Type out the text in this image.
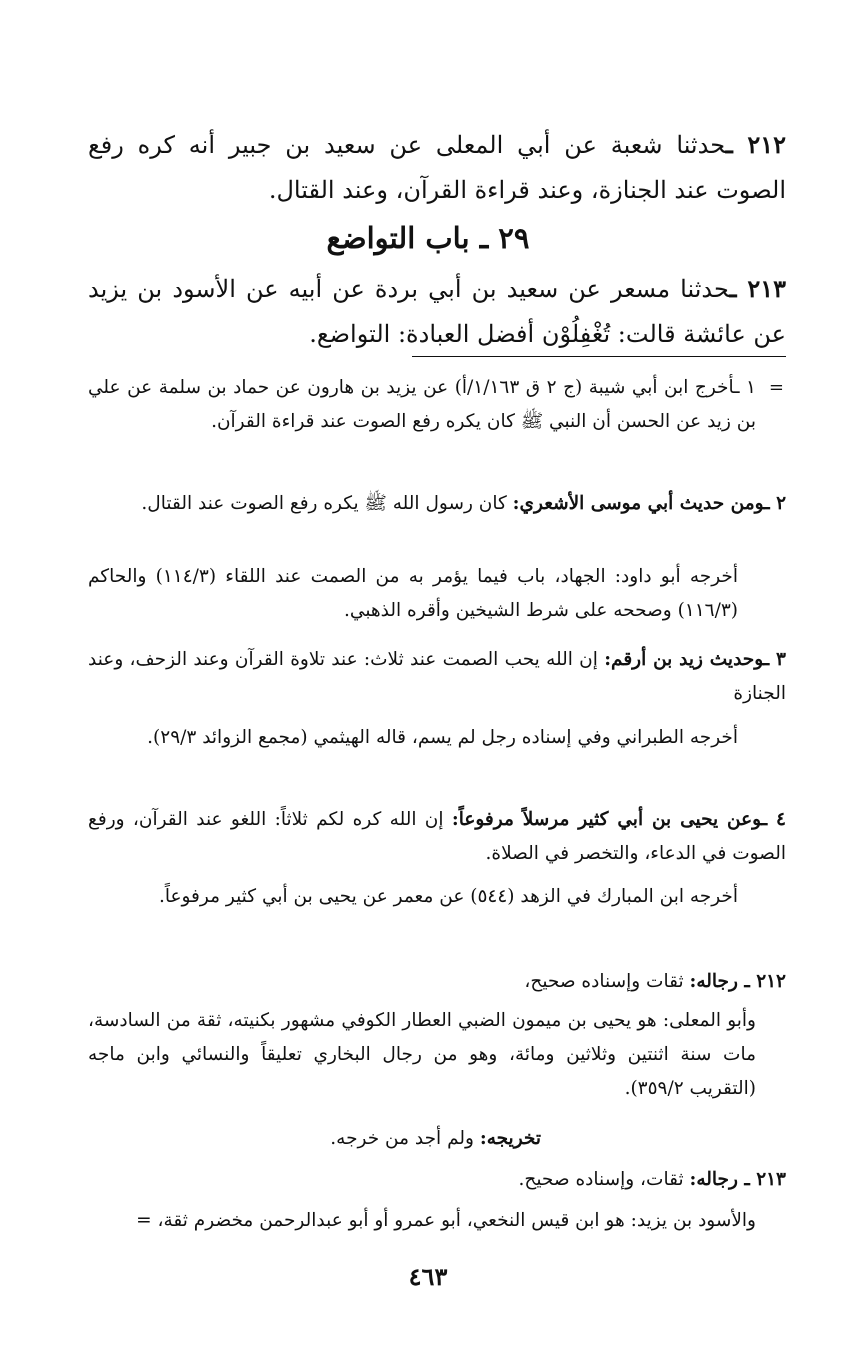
٢١٢ ـحدثنا شعبة عن أبي المعلى عن سعيد بن جبير أنه كره رفع الصوت عند الجنازة، وعند قراءة القرآن، وعند القتال.

٢٩ ـ باب التواضع

٢١٣ ـحدثنا مسعر عن سعيد بن أبي بردة عن أبيه عن الأسود بن يزيد عن عائشة قالت: تُغْفِلُوْن أفضل العبادة: التواضع.

=

١ ـأخرج ابن أبي شيبة (ج ٢ ق ١/١٦٣/أ) عن يزيد بن هارون عن حماد بن سلمة عن علي بن زيد عن الحسن أن النبي ﷺ كان يكره رفع الصوت عند قراءة القرآن.

٢ ـومن حديث أبي موسى الأشعري: كان رسول الله ﷺ يكره رفع الصوت عند القتال.

أخرجه أبو داود: الجهاد، باب فيما يؤمر به من الصمت عند اللقاء (١١٤/٣) والحاكم (١١٦/٣) وصححه على شرط الشيخين وأقره الذهبي.

٣ ـوحديث زيد بن أرقم: إن الله يحب الصمت عند ثلاث: عند تلاوة القرآن وعند الزحف، وعند الجنازة

أخرجه الطبراني وفي إسناده رجل لم يسم، قاله الهيثمي (مجمع الزوائد ٢٩/٣).

٤ ـوعن يحيى بن أبي كثير مرسلاً مرفوعاً: إن الله كره لكم ثلاثاً: اللغو عند القرآن، ورفع الصوت في الدعاء، والتخصر في الصلاة.

أخرجه ابن المبارك في الزهد (٥٤٤) عن معمر عن يحيى بن أبي كثير مرفوعاً.

٢١٢ ـ رجاله: ثقات وإسناده صحيح،

وأبو المعلى: هو يحيى بن ميمون الضبي العطار الكوفي مشهور بكنيته، ثقة من السادسة، مات سنة اثنتين وثلاثين ومائة، وهو من رجال البخاري تعليقاً والنسائي وابن ماجه (التقريب ٣٥٩/٢).

تخريجه: ولم أجد من خرجه.

٢١٣ ـ رجاله: ثقات، وإسناده صحيح.

والأسود بن يزيد: هو ابن قيس النخعي، أبو عمرو أو أبو عبدالرحمن مخضرم ثقة، =

٤٦٣
